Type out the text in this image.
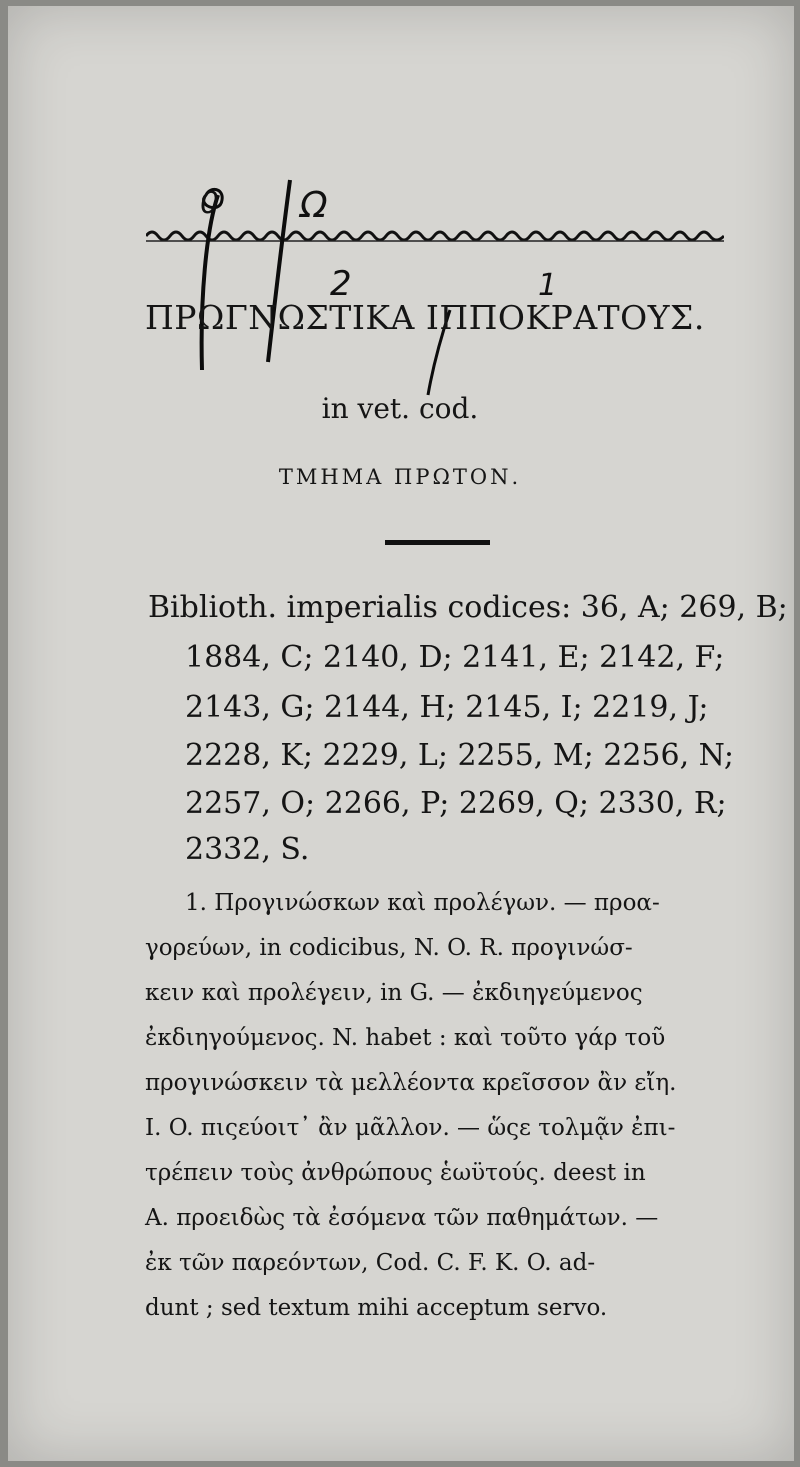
0 Ω
2	1
ΠΡΩΓΝΩΣΤΙΚΑ ΙΠΠΟΚΡΑΤΟΥΣ.
in vet. cod.
ΤΜΗΜΑ ΠΡΩΤΟΝ.
Biblioth. imperialis codices: 36, A; 269, B;
1884, C; 2140, D; 2141, E; 2142, F;
2143, G; 2144, H; 2145, I; 2219, J;
2228, K; 2229, L; 2255, M; 2256, N;
2257, O; 2266, P; 2269, Q; 2330, R;
2332, S.
1. Προγινώσκων καὶ προλέγων. — προα-
γορεύων, in codicibus, N. O. R. προγινώσ-
κειν καὶ προλέγειν, in G. — ἐκδιηγεύμενος
ἐκδιηγούμενος. N. habet : καὶ τοῦτο γάρ τοῦ
προγινώσκειν τὰ μελλέοντα κρεῖσσον ἂν εἴη.
I. O. πιςεύοιτ᾽ ἂν μᾶλλον. — ὥςε τολμᾷν ἐπι-
τρέπειν τοὺς ἀνθρώπους ἑωϋτούς. deest in
A. προειδὼς τὰ ἐσόμενα τῶν παθημάτων. —
ἐκ τῶν παρεόντων, Cod. C. F. K. O. ad-
dunt ; sed textum mihi acceptum servo.
